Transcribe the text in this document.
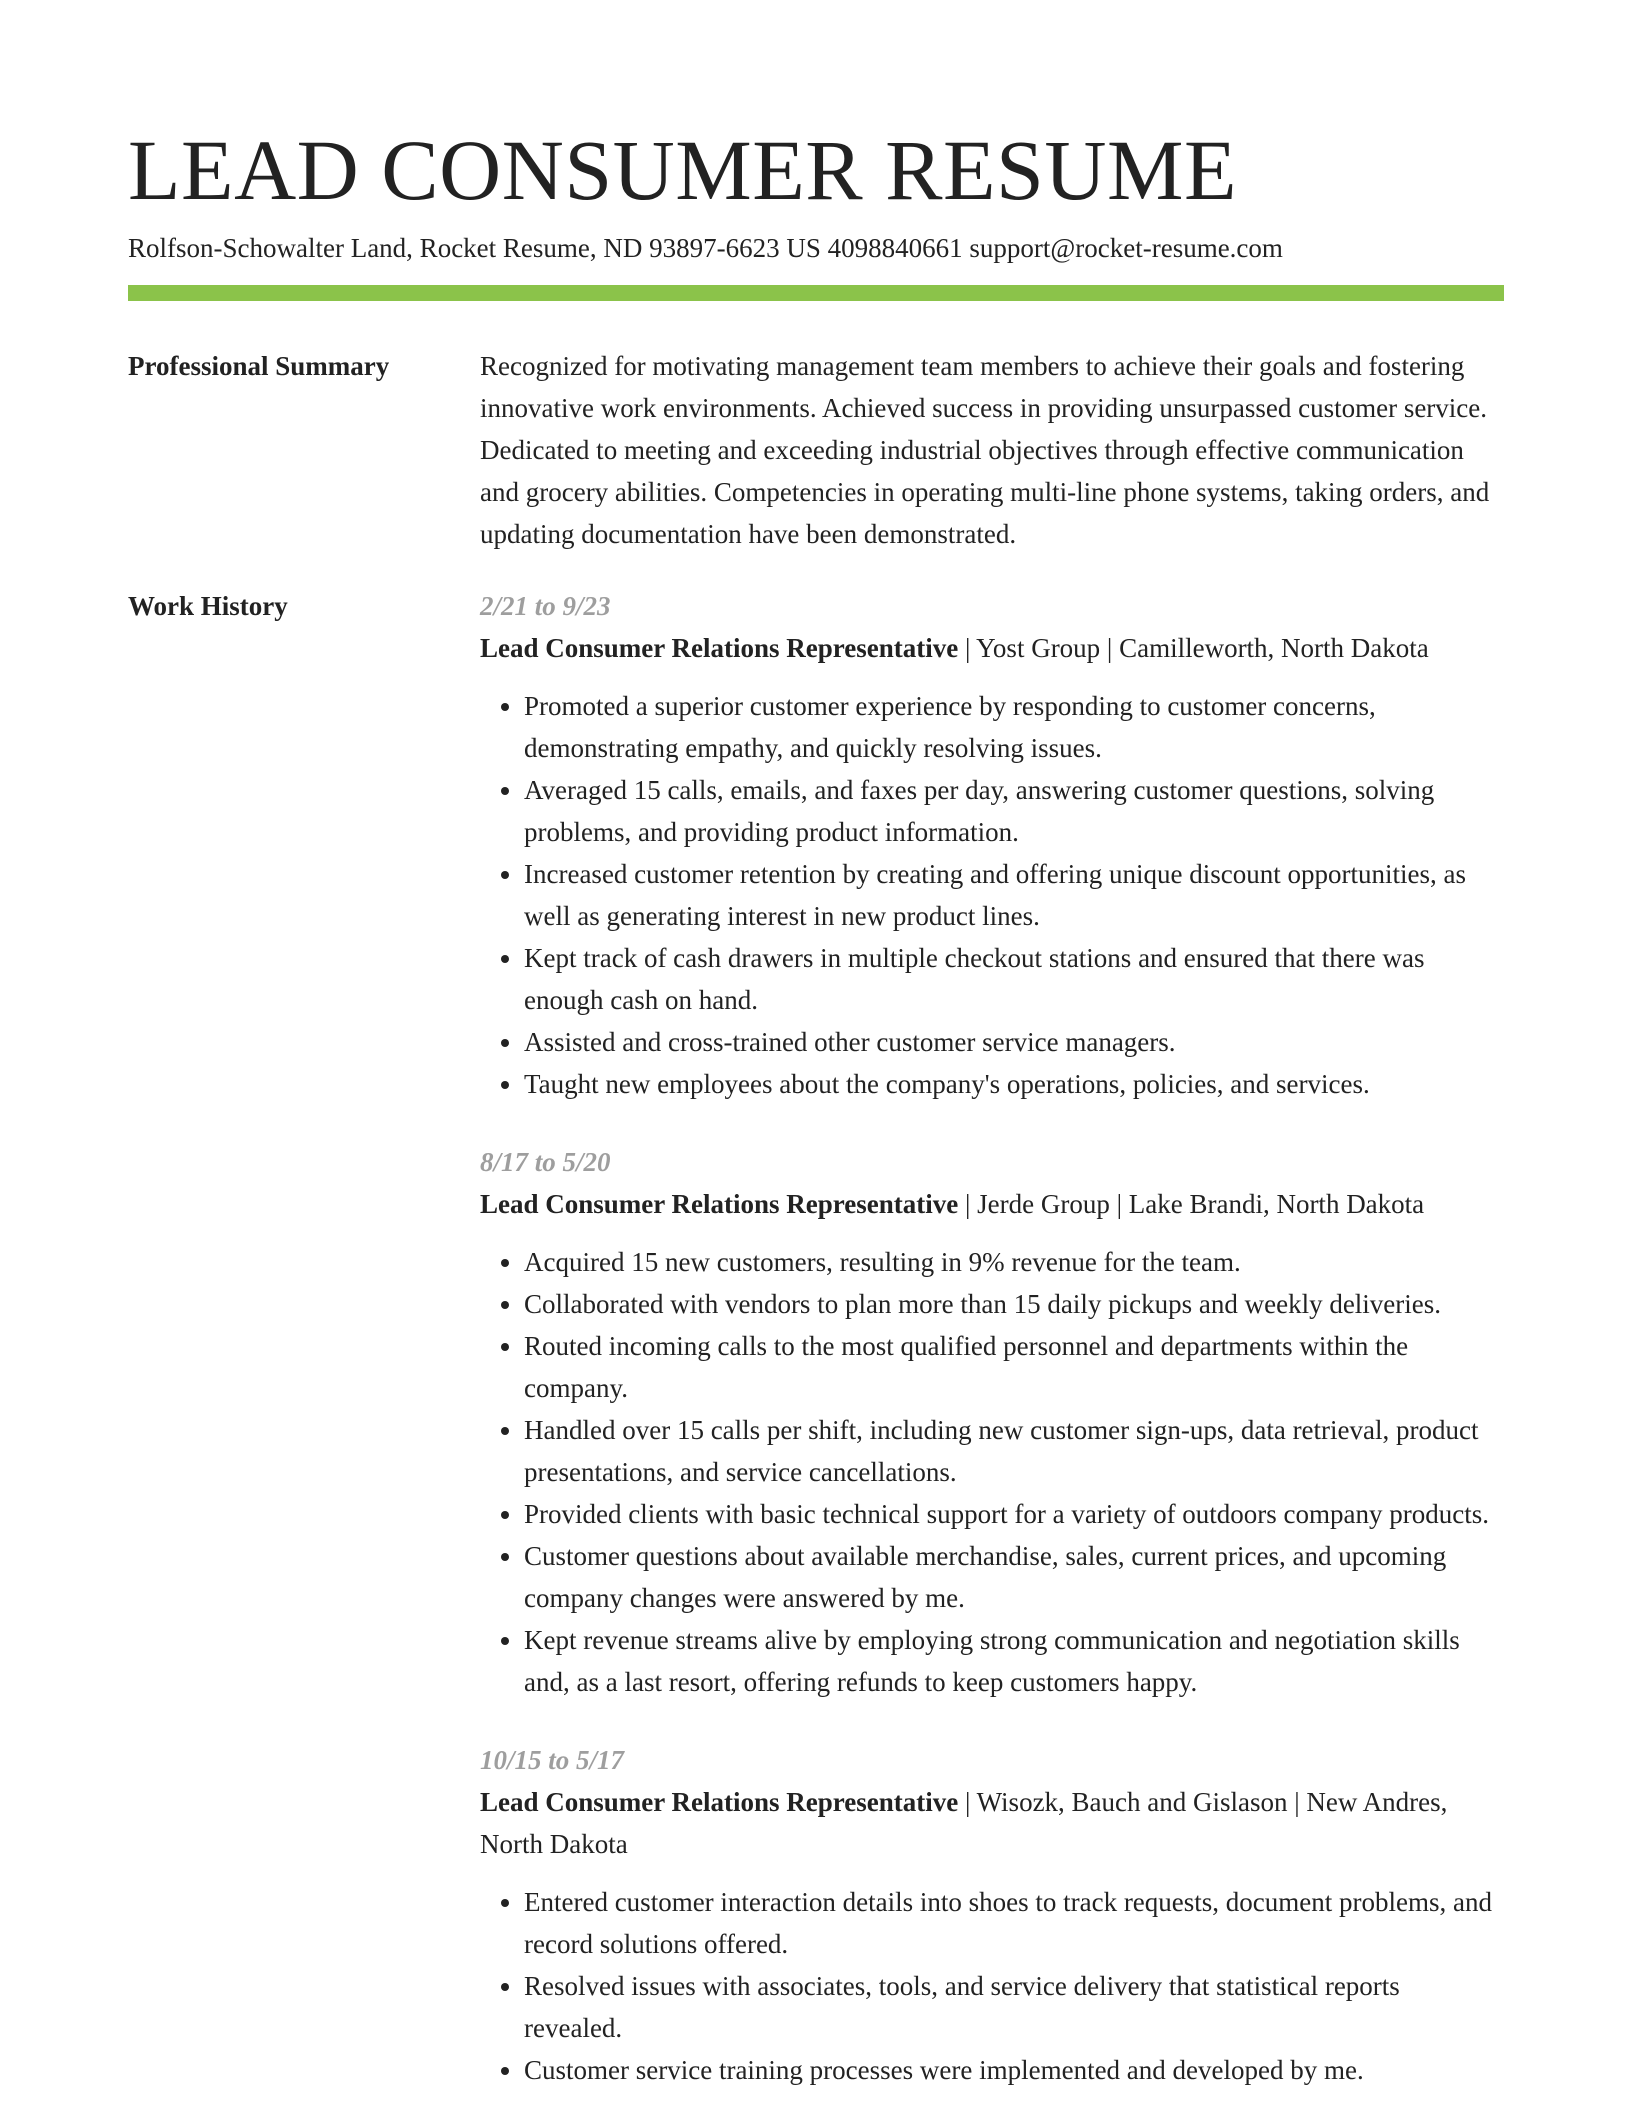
LEAD CONSUMER RESUME
Rolfson-Schowalter Land, Rocket Resume, ND 93897-6623 US 4098840661 support@rocket-resume.com
Professional Summary	Recognized for motivating management team members to achieve their goals and fostering innovative work environments. Achieved success in providing unsurpassed customer service. Dedicated to meeting and exceeding industrial objectives through effective communication and grocery abilities. Competencies in operating multi-line phone systems, taking orders, and updating documentation have been demonstrated.

Work History	2/21 to 9/23
Lead Consumer Relations Representative | Yost Group | Camilleworth, North Dakota
• Promoted a superior customer experience by responding to customer concerns, demonstrating empathy, and quickly resolving issues.
• Averaged 15 calls, emails, and faxes per day, answering customer questions, solving problems, and providing product information.
• Increased customer retention by creating and offering unique discount opportunities, as well as generating interest in new product lines.
• Kept track of cash drawers in multiple checkout stations and ensured that there was enough cash on hand.
• Assisted and cross-trained other customer service managers.
• Taught new employees about the company's operations, policies, and services.
8/17 to 5/20
Lead Consumer Relations Representative | Jerde Group | Lake Brandi, North Dakota
• Acquired 15 new customers, resulting in 9% revenue for the team.
• Collaborated with vendors to plan more than 15 daily pickups and weekly deliveries.
• Routed incoming calls to the most qualified personnel and departments within the company.
• Handled over 15 calls per shift, including new customer sign-ups, data retrieval, product presentations, and service cancellations.
• Provided clients with basic technical support for a variety of outdoors company products.
• Customer questions about available merchandise, sales, current prices, and upcoming company changes were answered by me.
• Kept revenue streams alive by employing strong communication and negotiation skills and, as a last resort, offering refunds to keep customers happy.
10/15 to 5/17
Lead Consumer Relations Representative | Wisozk, Bauch and Gislason | New Andres, North Dakota
• Entered customer interaction details into shoes to track requests, document problems, and record solutions offered.
• Resolved issues with associates, tools, and service delivery that statistical reports revealed.
• Customer service training processes were implemented and developed by me.
